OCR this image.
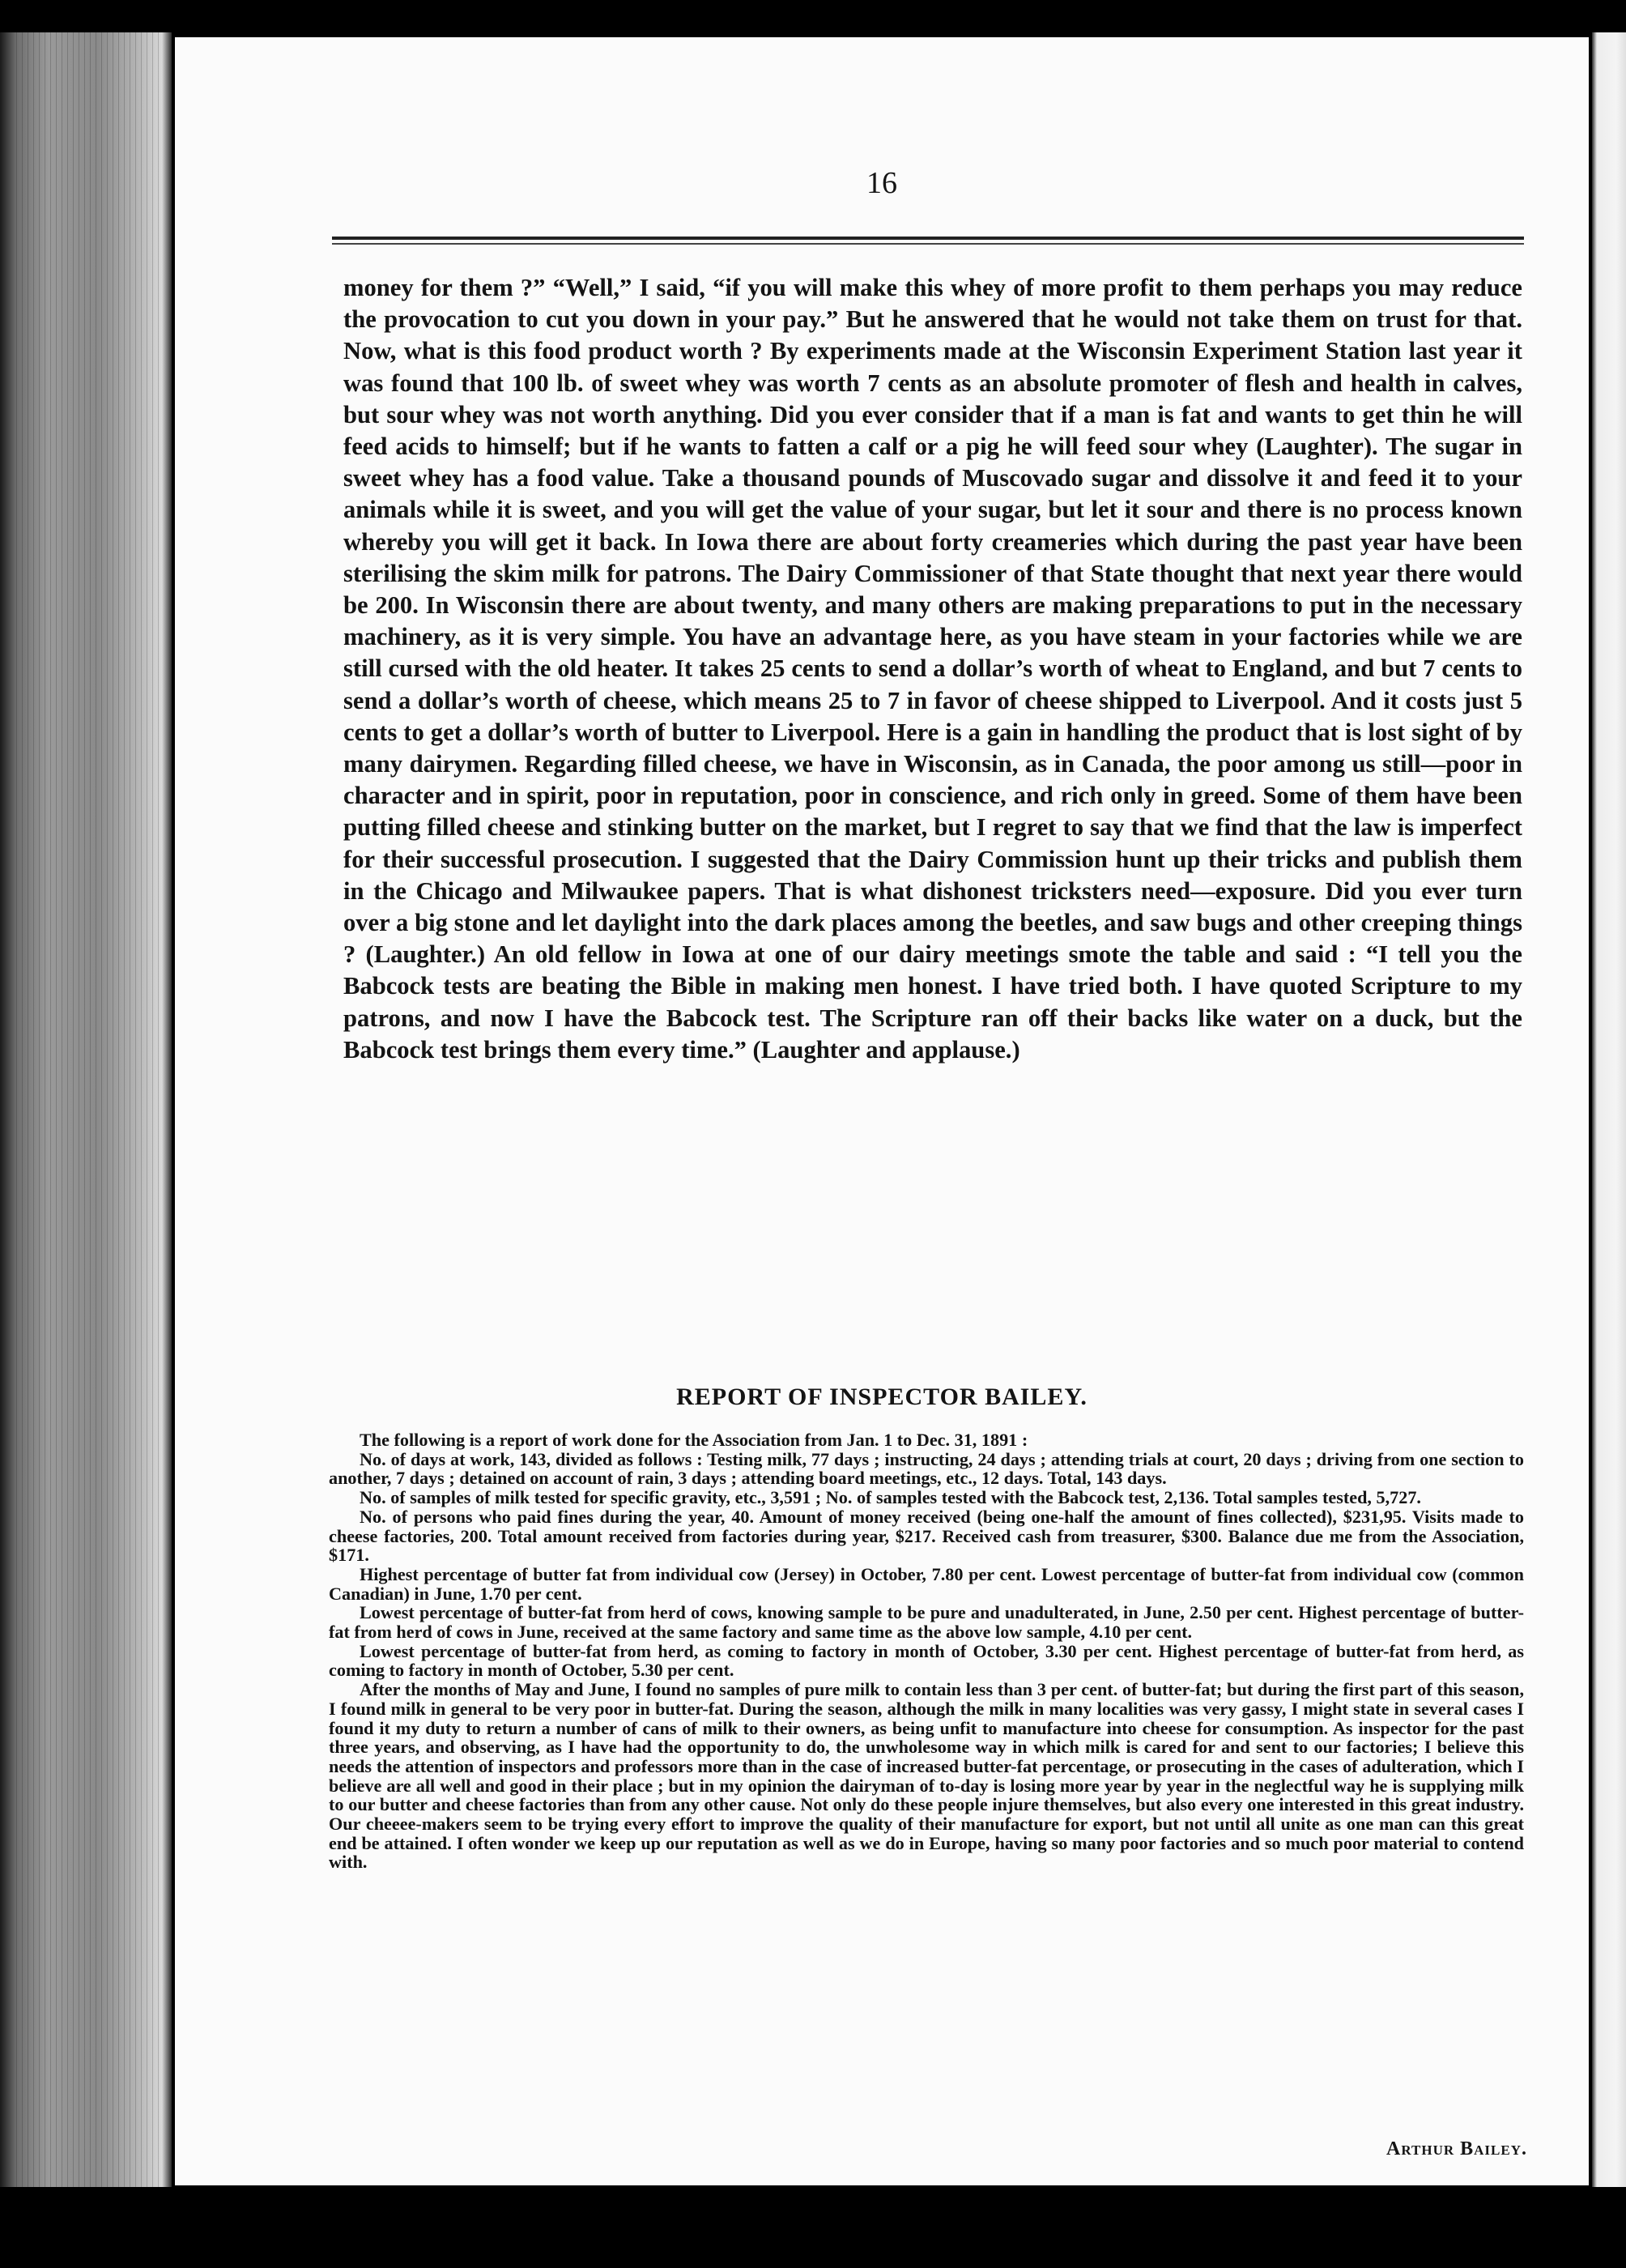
16

money for them ?” “Well,” I said, “if you will make this whey of more profit to them perhaps you may reduce the provocation to cut you down in your pay.” But he answered that he would not take them on trust for that. Now, what is this food product worth ? By experiments made at the Wisconsin Experiment Station last year it was found that 100 lb. of sweet whey was worth 7 cents as an absolute promoter of flesh and health in calves, but sour whey was not worth anything. Did you ever consider that if a man is fat and wants to get thin he will feed acids to himself; but if he wants to fatten a calf or a pig he will feed sour whey (Laughter). The sugar in sweet whey has a food value. Take a thousand pounds of Muscovado sugar and dissolve it and feed it to your animals while it is sweet, and you will get the value of your sugar, but let it sour and there is no process known whereby you will get it back. In Iowa there are about forty creameries which during the past year have been sterilising the skim milk for patrons. The Dairy Commissioner of that State thought that next year there would be 200. In Wisconsin there are about twenty, and many others are making preparations to put in the necessary machinery, as it is very simple. You have an advantage here, as you have steam in your factories while we are still cursed with the old heater. It takes 25 cents to send a dollar’s worth of wheat to England, and but 7 cents to send a dollar’s worth of cheese, which means 25 to 7 in favor of cheese shipped to Liverpool. And it costs just 5 cents to get a dollar’s worth of butter to Liverpool. Here is a gain in handling the product that is lost sight of by many dairymen. Regarding filled cheese, we have in Wisconsin, as in Canada, the poor among us still—poor in character and in spirit, poor in reputation, poor in conscience, and rich only in greed. Some of them have been putting filled cheese and stinking butter on the market, but I regret to say that we find that the law is imperfect for their successful prosecution. I suggested that the Dairy Commission hunt up their tricks and publish them in the Chicago and Milwaukee papers. That is what dishonest tricksters need—exposure. Did you ever turn over a big stone and let daylight into the dark places among the beetles, and saw bugs and other creeping things ? (Laughter.) An old fellow in Iowa at one of our dairy meetings smote the table and said : “I tell you the Babcock tests are beating the Bible in making men honest. I have tried both. I have quoted Scripture to my patrons, and now I have the Babcock test. The Scripture ran off their backs like water on a duck, but the Babcock test brings them every time.” (Laughter and applause.)

REPORT OF INSPECTOR BAILEY.

The following is a report of work done for the Association from Jan. 1 to Dec. 31, 1891 :

No. of days at work, 143, divided as follows : Testing milk, 77 days ; instructing, 24 days ; attending trials at court, 20 days ; driving from one section to another, 7 days ; detained on account of rain, 3 days ; attending board meetings, etc., 12 days. Total, 143 days.

No. of samples of milk tested for specific gravity, etc., 3,591 ; No. of samples tested with the Babcock test, 2,136. Total samples tested, 5,727.

No. of persons who paid fines during the year, 40. Amount of money received (being one-half the amount of fines collected), $231,95. Visits made to cheese factories, 200. Total amount received from factories during year, $217. Received cash from treasurer, $300. Balance due me from the Association, $171.

Highest percentage of butter fat from individual cow (Jersey) in October, 7.80 per cent. Lowest percentage of butter-fat from individual cow (common Canadian) in June, 1.70 per cent.

Lowest percentage of butter-fat from herd of cows, knowing sample to be pure and unadulterated, in June, 2.50 per cent. Highest percentage of butter-fat from herd of cows in June, received at the same factory and same time as the above low sample, 4.10 per cent.

Lowest percentage of butter-fat from herd, as coming to factory in month of October, 3.30 per cent. Highest percentage of butter-fat from herd, as coming to factory in month of October, 5.30 per cent.

After the months of May and June, I found no samples of pure milk to contain less than 3 per cent. of butter-fat; but during the first part of this season, I found milk in general to be very poor in butter-fat. During the season, although the milk in many localities was very gassy, I might state in several cases I found it my duty to return a number of cans of milk to their owners, as being unfit to manufacture into cheese for consumption. As inspector for the past three years, and observing, as I have had the opportunity to do, the unwholesome way in which milk is cared for and sent to our factories; I believe this needs the attention of inspectors and professors more than in the case of increased butter-fat percentage, or prosecuting in the cases of adulteration, which I believe are all well and good in their place ; but in my opinion the dairyman of to-day is losing more year by year in the neglectful way he is supplying milk to our butter and cheese factories than from any other cause. Not only do these people injure themselves, but also every one interested in this great industry. Our cheeee-makers seem to be trying every effort to improve the quality of their manufacture for export, but not until all unite as one man can this great end be attained. I often wonder we keep up our reputation as well as we do in Europe, having so many poor factories and so much poor material to contend with.

Arthur Bailey.
